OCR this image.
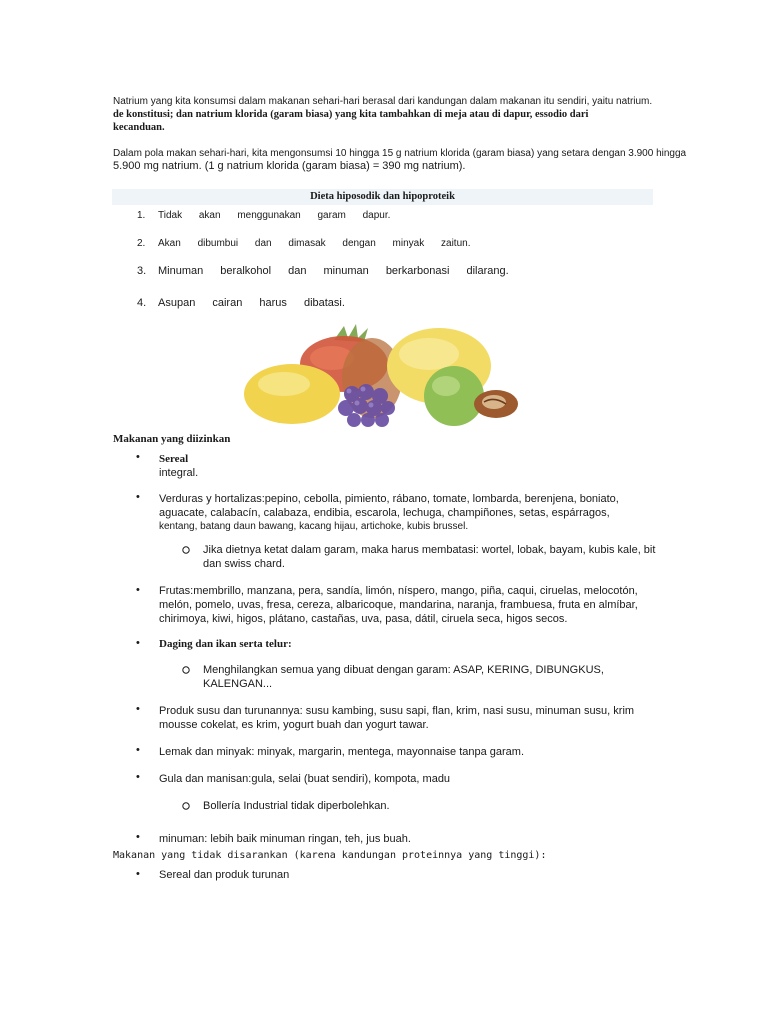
Natrium yang kita konsumsi dalam makanan sehari-hari berasal dari kandungan dalam makanan itu sendiri, yaitu natrium.
de konstitusi; dan natrium klorida (garam biasa) yang kita tambahkan di meja atau di dapur, essodio dari kecanduan.
Dalam pola makan sehari-hari, kita mengonsumsi 10 hingga 15 g natrium klorida (garam biasa) yang setara dengan 3.900 hingga
5.900 mg natrium. (1 g natrium klorida (garam biasa) = 390 mg natrium).
Dieta hiposodik dan hipoproteik
1. Tidak akan menggunakan garam dapur.
2. Akan dibumbui dan dimasak dengan minyak zaitun.
3. Minuman beralkohol dan minuman berkarbonasi dilarang.
4. Asupan cairan harus dibatasi.
Makanan yang diizinkan
• Sereal
integral.
• Verduras y hortalizas:pepino, cebolla, pimiento, rábano, tomate, lombarda, berenjena, boniato, aguacate, calabacín, calabaza, endibia, escarola, lechuga, champiñones, setas, espárragos,
kentang, batang daun bawang, kacang hijau, artichoke, kubis brussel.
Jika dietnya ketat dalam garam, maka harus membatasi: wortel, lobak, bayam, kubis kale, bit dan swiss chard.
• Frutas:membrillo, manzana, pera, sandía, limón, níspero, mango, piña, caqui, ciruelas, melocotón, melón, pomelo, uvas, fresa, cereza, albaricoque, mandarina, naranja, frambuesa, fruta en almíbar, chirimoya, kiwi, higos, plátano, castañas, uva, pasa, dátil, ciruela seca, higos secos.
• Daging dan ikan serta telur:
Menghilangkan semua yang dibuat dengan garam: ASAP, KERING, DIBUNGKUS, KALENGAN...
• Produk susu dan turunannya: susu kambing, susu sapi, flan, krim, nasi susu, minuman susu, krim mousse cokelat, es krim, yogurt buah dan yogurt tawar.
• Lemak dan minyak: minyak, margarin, mentega, mayonnaise tanpa garam.
• Gula dan manisan:gula, selai (buat sendiri), kompota, madu
Bollería Industrial tidak diperbolehkan.
• minuman: lebih baik minuman ringan, teh, jus buah.
Makanan yang tidak disarankan (karena kandungan proteinnya yang tinggi):
• Sereal dan produk turunan
